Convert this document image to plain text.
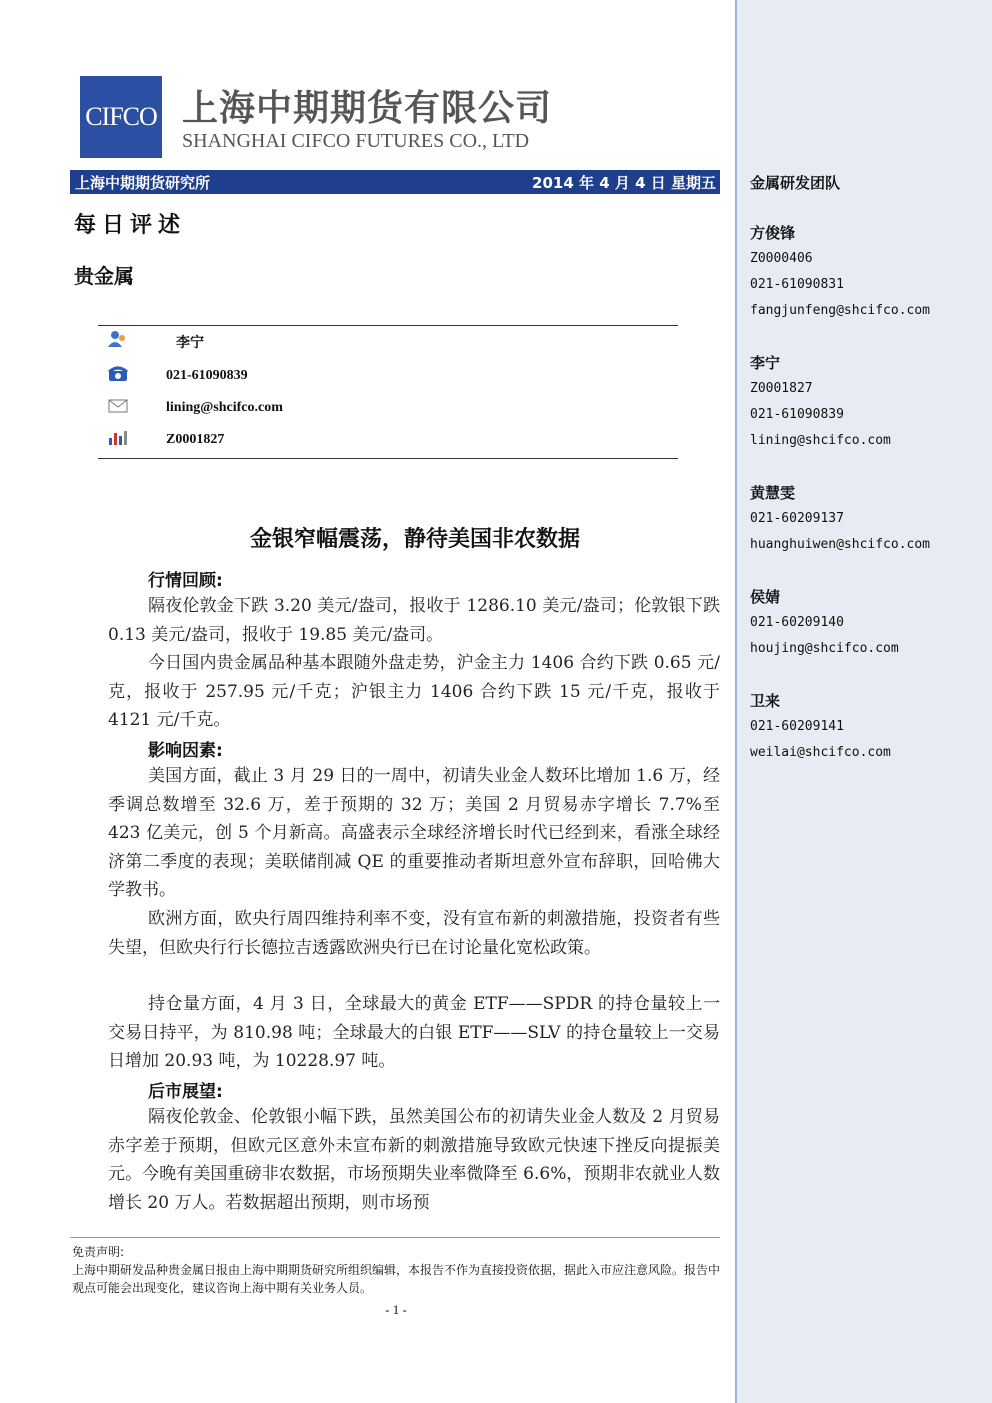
CIFCO 上海中期期货有限公司
SHANGHAI CIFCO FUTURES CO., LTD
上海中期期货研究所	2014 年 4 月 4 日 星期五
每日评述
贵金属
李宁
021-61090839
lining@shcifco.com
Z0001827
金银窄幅震荡，静待美国非农数据
行情回顾:
隔夜伦敦金下跌 3.20 美元/盎司，报收于 1286.10 美元/盎司；伦敦银下跌 0.13 美元/盎司，报收于 19.85 美元/盎司。
今日国内贵金属品种基本跟随外盘走势，沪金主力 1406 合约下跌 0.65 元/克，报收于 257.95 元/千克；沪银主力 1406 合约下跌 15 元/千克，报收于 4121 元/千克。
影响因素:
美国方面，截止 3 月 29 日的一周中，初请失业金人数环比增加 1.6 万，经季调总数增至 32.6 万，差于预期的 32 万；美国 2 月贸易赤字增长 7.7%至 423 亿美元，创 5 个月新高。高盛表示全球经济增长时代已经到来，看涨全球经济第二季度的表现；美联储削减 QE 的重要推动者斯坦意外宣布辞职，回哈佛大学教书。
欧洲方面，欧央行周四维持利率不变，没有宣布新的刺激措施，投资者有些失望，但欧央行行长德拉吉透露欧洲央行已在讨论量化宽松政策。
持仓量方面，4 月 3 日，全球最大的黄金 ETF——SPDR 的持仓量较上一交易日持平，为 810.98 吨；全球最大的白银 ETF——SLV 的持仓量较上一交易日增加 20.93 吨，为 10228.97 吨。
后市展望:
隔夜伦敦金、伦敦银小幅下跌，虽然美国公布的初请失业金人数及 2 月贸易赤字差于预期，但欧元区意外未宣布新的刺激措施导致欧元快速下挫反向提振美元。今晚有美国重磅非农数据，市场预期失业率微降至 6.6%，预期非农就业人数增长 20 万人。若数据超出预期，则市场预
免责声明:
上海中期研发品种贵金属日报由上海中期期货研究所组织编辑，本报告不作为直接投资依据，据此入市应注意风险。报告中观点可能会出现变化，建议咨询上海中期有关业务人员。
- 1 -
金属研发团队
方俊锋
Z0000406
021-61090831
fangjunfeng@shcifco.com
李宁
Z0001827
021-61090839
lining@shcifco.com
黄慧雯
021-60209137
huanghuiwen@shcifco.com
侯婧
021-60209140
houjing@shcifco.com
卫来
021-60209141
weilai@shcifco.com
